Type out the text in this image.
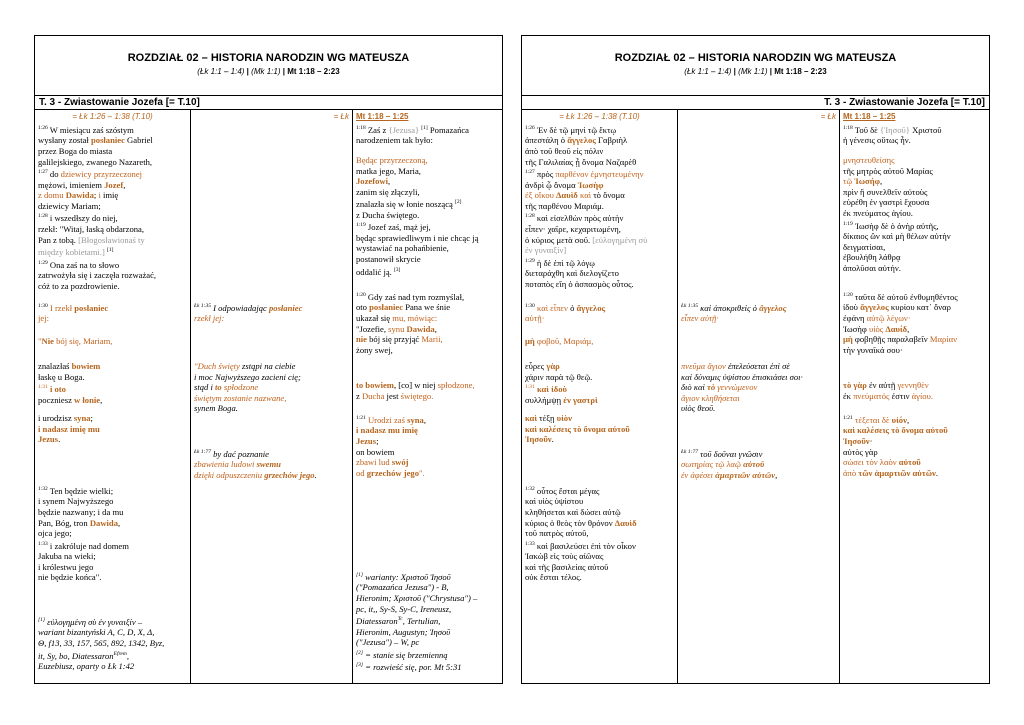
ROZDZIAŁ 02 – HISTORIA NARODZIN WG MATEUSZA
(Łk 1:1 – 1:4) | (Mk 1:1) | Mt 1:18 – 2:23
T. 3 - Zwiastowanie Jozefa [= T.10]
= Łk 1:26 – 1:38 (T.10)
$^{1:26}$ W miesiącu zaś szóstym
wysłany został posłaniec Gabriel
przez Boga do miasta
galilejskiego, zwanego Nazareth,
$^{1:27}$ do dziewicy przyrzeczonej
mężowi, imieniem Jozef,
z domu Dawida; i imię
dziewicy Mariam;
$^{1:28}$ i wszedłszy do niej,
rzekł: "Witaj, łaską obdarzona,
Pan z tobą. [Błogosławionaś ty
między kobietami.] [1]
$^{1:29}$ Ona zaś na to słowo
zatrwożyła się i zaczęła rozważać,
cóż to za pozdrowienie.
$^{1:30}$ I rzekł posłaniec
jej:
"Nie bój się, Mariam,
znalazłaś bowiem
łaskę u Boga.
$^{1:31}$ i oto
poczniesz w łonie,
i urodzisz syna;
i nadasz imię mu
Jezus.
$^{1:32}$ Ten będzie wielki;
i synem Najwyższego
będzie nazwany; i da mu
Pan, Bóg, tron Dawida,
ojca jego;
$^{1:33}$ i zakróluje nad domem
Jakuba na wieki;
i królestwu jego
nie będzie końca".
[1] εὐλογημένη σὺ ἐν γυναιξίν –
wariant bizantyński A, C, D, X, Δ,
Θ, f13, 33, 157, 565, 892, 1342, Byz,
it, Sy, bo, Diatessaron$^{Efrem}$,
Euzebiusz, oparty o Łk 1:42
= Łk
$^{Łk 1:35}$ I odpowiadając posłaniec
rzekł jej:
"Duch święty zstąpi na ciebie
i moc Najwyższego zacieni cię;
stąd i to spłodzone
świętym zostanie nazwane,
synem Boga.
$^{Łk 1:77}$ by dać poznanie
zbawienia ludowi swemu
dzięki odpuszczeniu grzechów jego.
Mt 1:18 – 1:25
$^{1:18}$ Zaś z {Jezusa} [1] Pomazańca
narodzeniem tak było:
Będąc przyrzeczoną,
matka jego, Maria,
Jozefowi,
zanim się złączyli,
znalazła się w łonie noszącą [2]
z Ducha świętego.
$^{1:19}$ Jozef zaś, mąż jej,
będąc sprawiedliwym i nie chcąc ją
wystawiać na pohańbienie,
postanowił skrycie
oddalić ją. [3]
$^{1:20}$ Gdy zaś nad tym rozmyślał,
oto posłaniec Pana we śnie
ukazał się mu, mówiąc:
"Jozefie, synu Dawida,
nie bój się przyjąć Marii,
żony swej,
to bowiem, [co] w niej spłodzone,
z Ducha jest świętego.
$^{1:21}$ Urodzi zaś syna,
i nadasz mu imię
Jezus;
on bowiem
zbawi lud swój
od grzechów jego".
[1] warianty: Χριστοῦ Ἰησοῦ
("Pomazańca Jezusa") - B,
Hieronim; Χριστοῦ ("Chrystusa") –
pc, it,, Sy-S, Sy-C, Ireneusz,
Diatessaron$^{Tc}$, Tertulian,
Hieronim, Augustyn; Ἰησοῦ
("Jezusa") – W, pc
[2] = stanie się brzemienną
[3] = rozwieść się, por. Mt 5:31
ROZDZIAŁ 02 – HISTORIA NARODZIN WG MATEUSZA
(Łk 1:1 – 1:4) | (Mk 1:1) | Mt 1:18 – 2:23
T. 3 - Zwiastowanie Jozefa [= T.10]
= Łk 1:26 – 1:38 (T.10)
$^{1:26}$ Ἐν δὲ τῷ μηνὶ τῷ ἕκτῳ
ἀπεστάλη ὁ ἄγγελος Γαβριὴλ
ἀπὸ τοῦ θεοῦ εἰς πόλιν
τῆς Γαλιλαίας ᾗ ὄνομα Ναζαρὲθ
$^{1:27}$ πρὸς παρθένον ἐμνηστευμένην
ἀνδρὶ ᾧ ὄνομα Ἰωσὴφ
ἐξ οἴκου Δαυὶδ καὶ τὸ ὄνομα
τῆς παρθένου Μαριάμ.
$^{1:28}$ καὶ εἰσελθὼν πρὸς αὐτὴν
εἶπεν· χαῖρε, κεχαριτωμένη,
ὁ κύριος μετὰ σοῦ. [εὐλογημένη σὺ
ἐν γυναιξίν]
$^{1:29}$ ἡ δὲ ἐπὶ τῷ λόγῳ
διεταράχθη καὶ διελογίζετο
ποταπὸς εἴη ὁ ἀσπασμὸς οὗτος.
$^{1:30}$ καὶ εἶπεν ὁ ἄγγελος
αὐτῇ·
μὴ φοβοῦ, Μαριάμ,
εὗρες γὰρ
χάριν παρὰ τῷ θεῷ.
$^{1:31}$ καὶ ἰδοὺ
συλλήμψῃ ἐν γαστρὶ
καὶ τέξῃ υἱὸν
καὶ καλέσεις τὸ ὄνομα αὐτοῦ
Ἰησοῦν.
$^{1:32}$ οὗτος ἔσται μέγας
καὶ υἱὸς ὑψίστου
κληθήσεται καὶ δώσει αὐτῷ
κύριος ὁ θεὸς τὸν θρόνον Δαυὶδ
τοῦ πατρὸς αὐτοῦ,
$^{1:33}$ καὶ βασιλεύσει ἐπὶ τὸν οἶκον
Ἰακὼβ εἰς τοὺς αἰῶνας
καὶ τῆς βασιλείας αὐτοῦ
οὐκ ἔσται τέλος.
= Łk
$^{Łk 1:35}$ καὶ ἀποκριθεὶς ὁ ἄγγελος
εἶπεν αὐτῇ·
πνεῦμα ἅγιον ἐπελεύσεται ἐπὶ σὲ
καὶ δύναμις ὑψίστου ἐπισκιάσει σοι·
διὸ καὶ τὸ γεννώμενον
ἅγιον κληθήσεται
υἱὸς θεοῦ.
$^{Łk 1:77}$ τοῦ δοῦναι γνῶσιν
σωτηρίας τῷ λαῷ αὐτοῦ
ἐν ἀφέσει ἁμαρτιῶν αὐτῶν,
Mt 1:18 – 1:25
$^{1:18}$ Τοῦ δὲ {Ἰησοῦ} Χριστοῦ
ἡ γένεσις οὕτως ἦν.
μνηστευθείσης
τῆς μητρὸς αὐτοῦ Μαρίας
τῷ Ἰωσήφ,
πρὶν ἢ συνελθεῖν αὐτοὺς
εὑρέθη ἐν γαστρὶ ἔχουσα
ἐκ πνεύματος ἁγίου.
$^{1:19}$ Ἰωσὴφ δὲ ὁ ἀνὴρ αὐτῆς,
δίκαιος ὢν καὶ μὴ θέλων αὐτὴν
δειγματίσαι,
ἐβουλήθη λάθρᾳ
ἀπολῦσαι αὐτήν.
$^{1:20}$ ταῦτα δὲ αὐτοῦ ἐνθυμηθέντος
ἰδοὺ ἄγγελος κυρίου κατ᾽ ὄναρ
ἐφάνη αὐτῷ λέγων·
Ἰωσὴφ υἱὸς Δαυίδ,
μὴ φοβηθῇς παραλαβεῖν Μαρίαν
τὴν γυναῖκά σου·
τὸ γὰρ ἐν αὐτῇ γεννηθὲν
ἐκ πνεύματός ἐστιν ἁγίου.
$^{1:21}$ τέξεται δὲ υἱόν,
καὶ καλέσεις τὸ ὄνομα αὐτοῦ
Ἰησοῦν·
αὐτὸς γὰρ
σώσει τὸν λαὸν αὐτοῦ
ἀπὸ τῶν ἁμαρτιῶν αὐτῶν.
